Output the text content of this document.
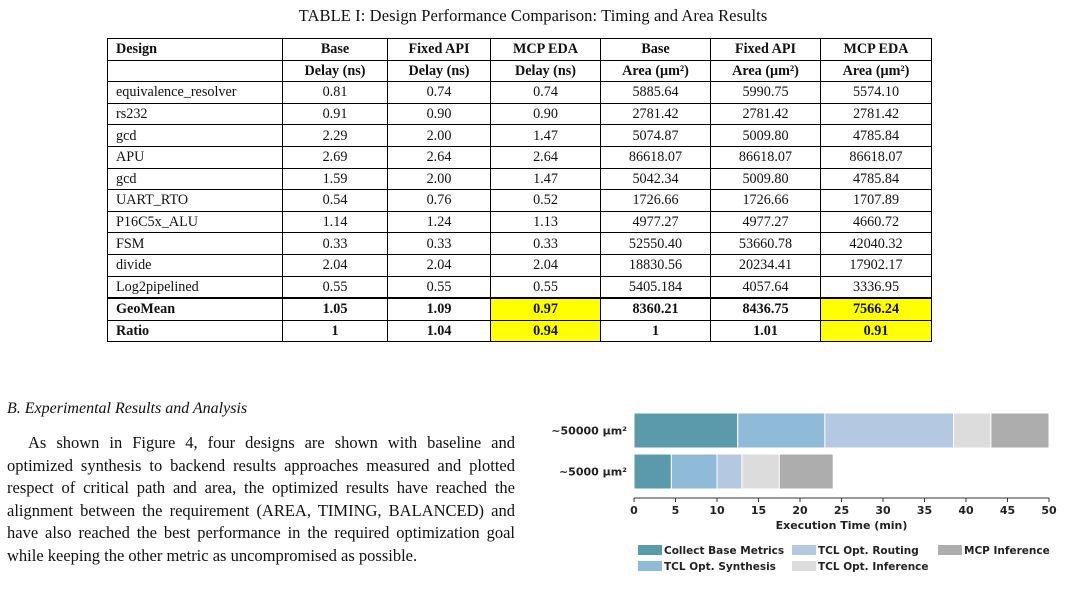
TABLE I: Design Performance Comparison: Timing and Area Results
Design	Base	Fixed API	MCP EDA	Base	Fixed API	MCP EDA
	Delay (ns)	Delay (ns)	Delay (ns)	Area (μm²)	Area (μm²)	Area (μm²)
equivalence_resolver	0.81	0.74	0.74	5885.64	5990.75	5574.10
rs232	0.91	0.90	0.90	2781.42	2781.42	2781.42
gcd	2.29	2.00	1.47	5074.87	5009.80	4785.84
APU	2.69	2.64	2.64	86618.07	86618.07	86618.07
gcd	1.59	2.00	1.47	5042.34	5009.80	4785.84
UART_RTO	0.54	0.76	0.52	1726.66	1726.66	1707.89
P16C5x_ALU	1.14	1.24	1.13	4977.27	4977.27	4660.72
FSM	0.33	0.33	0.33	52550.40	53660.78	42040.32
divide	2.04	2.04	2.04	18830.56	20234.41	17902.17
Log2pipelined	0.55	0.55	0.55	5405.184	4057.64	3336.95
GeoMean	1.05	1.09	0.97	8360.21	8436.75	7566.24
Ratio	1	1.04	0.94	1	1.01	0.91
B. Experimental Results and Analysis
As shown in Figure 4, four designs are shown with baseline and optimized synthesis to backend results approaches measured and plotted respect of critical path and area, the optimized results have reached the alignment between the requirement (AREA, TIMING, BALANCED) and have also reached the best performance in the required optimization goal while keeping the other metric as uncompromised as possible.
~50000 μm²
~5000 μm²
0	5	10 15 20 25 30 35 40 45 50
Execution Time (min)
Collect Base Metrics
TCL Opt. Synthesis
TCL Opt. Routing
TCL Opt. Inference
MCP Inference
